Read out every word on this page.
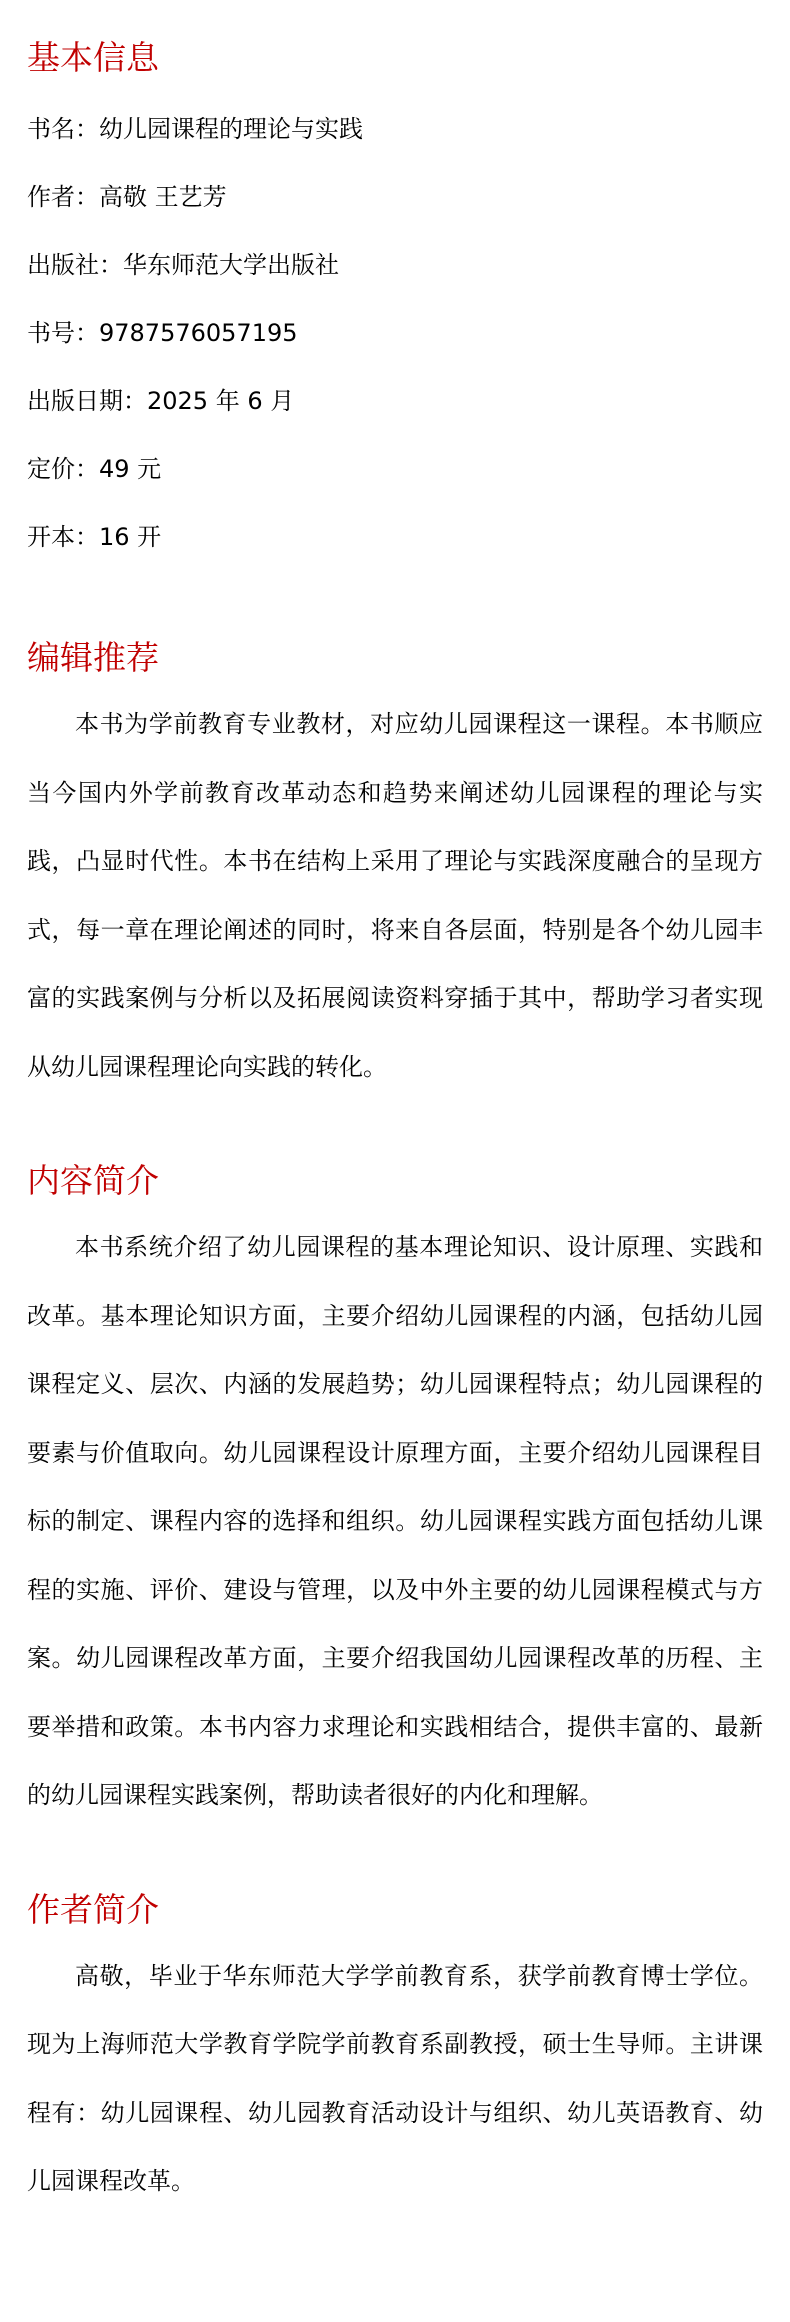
基本信息

书名：幼儿园课程的理论与实践

作者：高敬 王艺芳

出版社：华东师范大学出版社

书号：9787576057195

出版日期：2025 年 6 月

定价：49 元

开本：16 开

编辑推荐

本书为学前教育专业教材，对应幼儿园课程这一课程。本书顺应当今国内外学前教育改革动态和趋势来阐述幼儿园课程的理论与实践，凸显时代性。本书在结构上采用了理论与实践深度融合的呈现方式，每一章在理论阐述的同时，将来自各层面，特别是各个幼儿园丰富的实践案例与分析以及拓展阅读资料穿插于其中，帮助学习者实现从幼儿园课程理论向实践的转化。

内容简介

本书系统介绍了幼儿园课程的基本理论知识、设计原理、实践和改革。基本理论知识方面，主要介绍幼儿园课程的内涵，包括幼儿园课程定义、层次、内涵的发展趋势；幼儿园课程特点；幼儿园课程的要素与价值取向。幼儿园课程设计原理方面，主要介绍幼儿园课程目标的制定、课程内容的选择和组织。幼儿园课程实践方面包括幼儿课程的实施、评价、建设与管理，以及中外主要的幼儿园课程模式与方案。幼儿园课程改革方面，主要介绍我国幼儿园课程改革的历程、主要举措和政策。本书内容力求理论和实践相结合，提供丰富的、最新的幼儿园课程实践案例，帮助读者很好的内化和理解。

作者简介

高敬，毕业于华东师范大学学前教育系，获学前教育博士学位。现为上海师范大学教育学院学前教育系副教授，硕士生导师。主讲课程有：幼儿园课程、幼儿园教育活动设计与组织、幼儿英语教育、幼儿园课程改革。
